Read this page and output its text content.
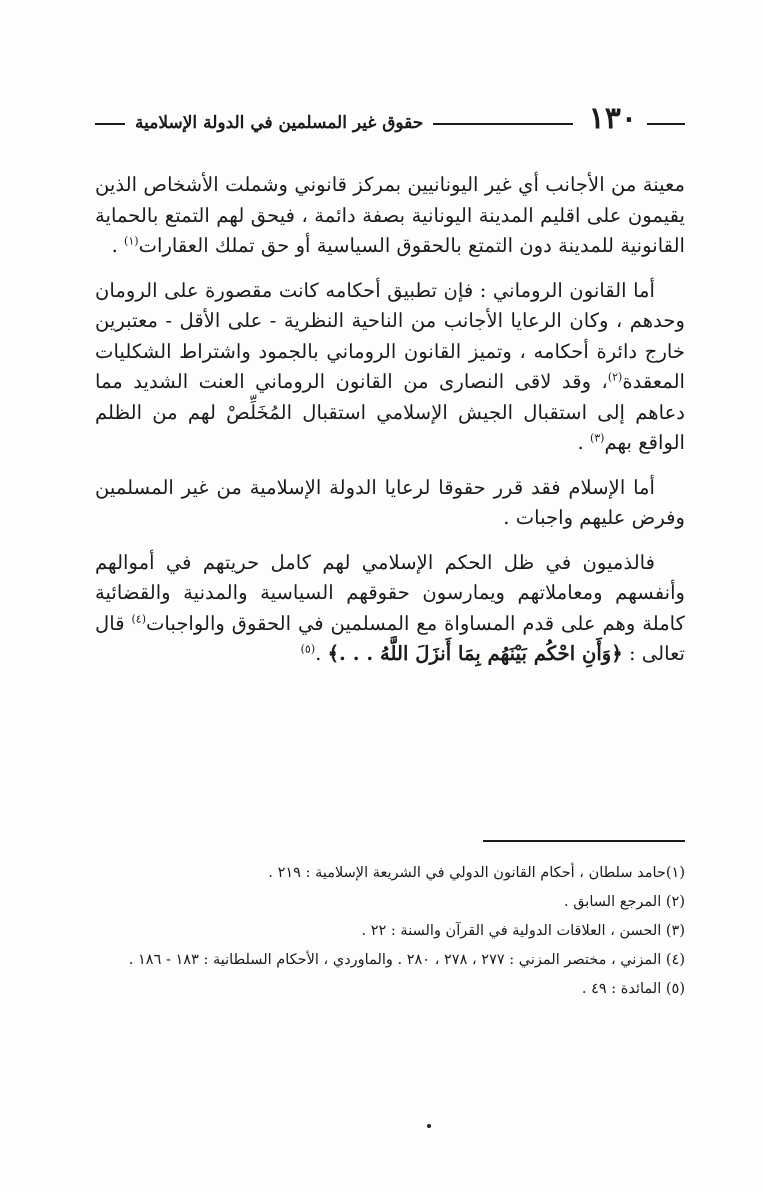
١٣٠
حقوق غير المسلمين في الدولة الإسلامية

معينة من الأجانب أي غير اليونانيين بمركز قانوني وشملت الأشخاص الذين يقيمون على اقليم المدينة اليونانية بصفة دائمة ، فيحق لهم التمتع بالحماية القانونية للمدينة دون التمتع بالحقوق السياسية أو حق تملك العقارات$^{(١)}$ .

أما القانون الروماني : فإن تطبيق أحكامه كانت مقصورة على الرومان وحدهم ، وكان الرعايا الأجانب من الناحية النظرية - على الأقل - معتبرين خارج دائرة أحكامه ، وتميز القانون الروماني بالجمود واشتراط الشكليات المعقدة$^{(٢)}$، وقد لاقى النصارى من القانون الروماني العنت الشديد مما دعاهم إلى استقبال الجيش الإسلامي استقبال المُخَلِّصْ لهم من الظلم الواقع بهم$^{(٣)}$ .

أما الإسلام فقد قرر حقوقا لرعايا الدولة الإسلامية من غير المسلمين وفرض عليهم واجبات .

فالذميون في ظل الحكم الإسلامي لهم كامل حريتهم في أموالهم وأنفسهم ومعاملاتهم ويمارسون حقوقهم السياسية والمدنية والقضائية كاملة وهم على قدم المساواة مع المسلمين في الحقوق والواجبات$^{(٤)}$ قال تعالى : ﴿وَأَنِ احْكُم بَيْنَهُم بِمَا أَنزَلَ اللَّهُ . . .﴾ .$^{(٥)}$

(١)حامد سلطان ، أحكام القانون الدولي في الشريعة الإسلامية : ٢١٩ .
(٢) المرجع السابق .
(٣) الحسن ، العلاقات الدولية في القرآن والسنة : ٢٢ .
(٤) المزني ، مختصر المزني : ٢٧٧ ، ٢٧٨ ، ٢٨٠ . والماوردي ، الأحكام السلطانية : ١٨٣ - ١٨٦ .
(٥) المائدة : ٤٩ .
